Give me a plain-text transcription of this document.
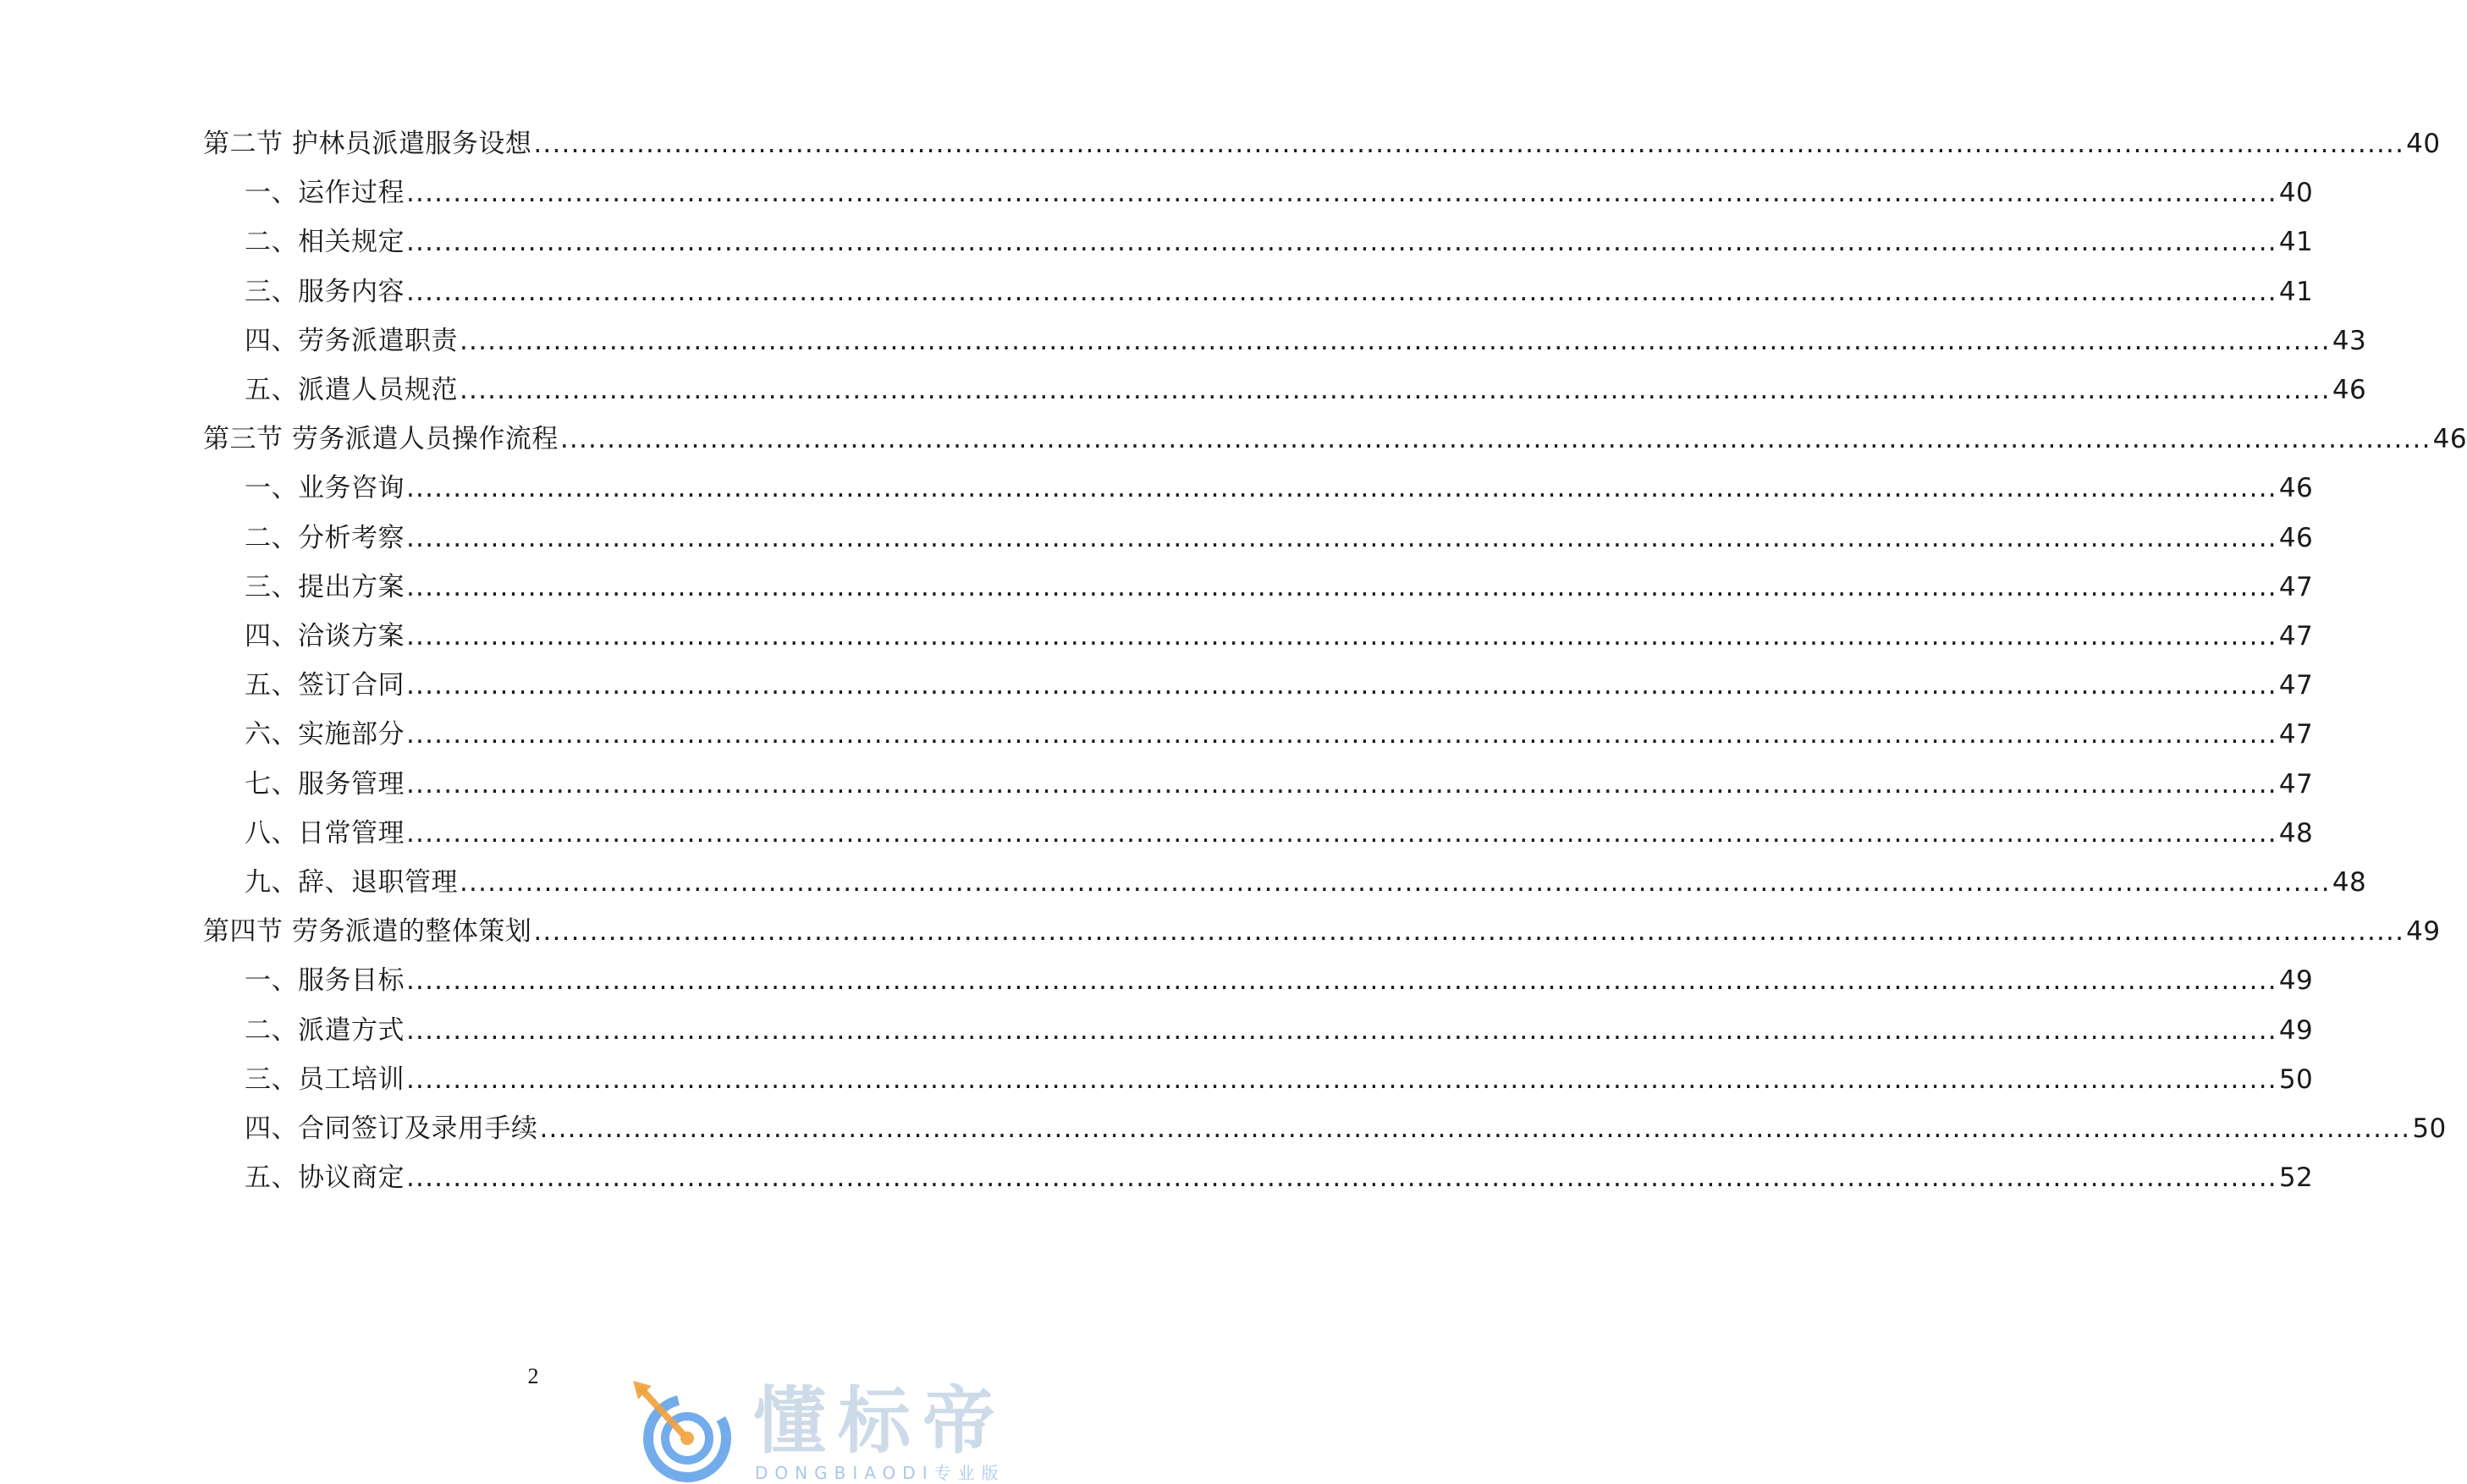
第二节 护林员派遣服务设想 ........................................................................................................................................................................................................ 40
一、运作过程 ........................................................................................................................................................................................................ 40
二、相关规定 ........................................................................................................................................................................................................ 41
三、服务内容 ........................................................................................................................................................................................................ 41
四、劳务派遣职责 ........................................................................................................................................................................................................ 43
五、派遣人员规范 ........................................................................................................................................................................................................ 46
第三节 劳务派遣人员操作流程 ........................................................................................................................................................................................................ 46
一、业务咨询 ........................................................................................................................................................................................................ 46
二、分析考察 ........................................................................................................................................................................................................ 46
三、提出方案 ........................................................................................................................................................................................................ 47
四、洽谈方案 ........................................................................................................................................................................................................ 47
五、签订合同 ........................................................................................................................................................................................................ 47
六、实施部分 ........................................................................................................................................................................................................ 47
七、服务管理 ........................................................................................................................................................................................................ 47
八、日常管理 ........................................................................................................................................................................................................ 48
九、辞、退职管理 ........................................................................................................................................................................................................ 48
第四节 劳务派遣的整体策划 ........................................................................................................................................................................................................ 49
一、服务目标 ........................................................................................................................................................................................................ 49
二、派遣方式 ........................................................................................................................................................................................................ 49
三、员工培训 ........................................................................................................................................................................................................ 50
四、合同签订及录用手续 ........................................................................................................................................................................................................ 50
五、协议商定 ........................................................................................................................................................................................................ 52
2
懂标帝
DONGBIAODI专业版
